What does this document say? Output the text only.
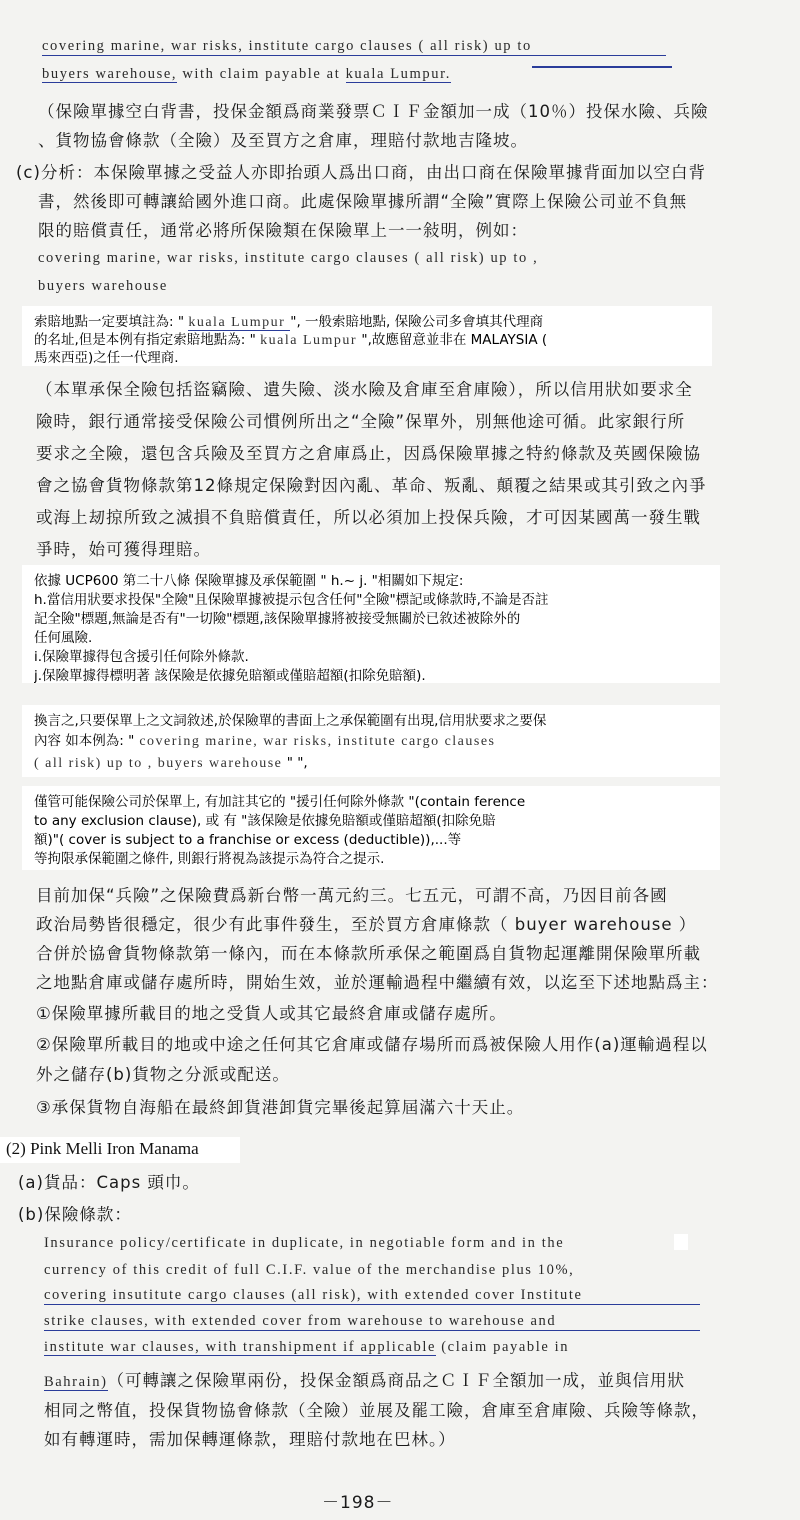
covering marine, war risks, institute cargo clauses ( all risk) up to
buyers warehouse, with claim payable at kuala Lumpur.
（保險單據空白背書，投保金額爲商業發票ＣＩＦ金額加一成（10％）投保水險、兵險
、貨物協會條款（全險）及至買方之倉庫，理賠付款地吉隆坡。
(c)分析：本保險單據之受益人亦即抬頭人爲出口商，由出口商在保險單據背面加以空白背
書，然後即可轉讓給國外進口商。此處保險單據所謂“全險”實際上保險公司並不負無
限的賠償責任，通常必將所保險類在保險單上一一敍明，例如：
covering marine, war risks, institute cargo clauses ( all risk) up to ,
buyers warehouse
索賠地點一定要填註為: " kuala Lumpur ", 一般索賠地點, 保險公司多會填其代理商
的名址,但是本例有指定索賠地點為: " kuala Lumpur ",故應留意並非在 MALAYSIA (
馬來西亞)之任一代理商.
（本單承保全險包括盜竊險、遺失險、淡水險及倉庫至倉庫險），所以信用狀如要求全
險時，銀行通常接受保險公司慣例所出之“全險”保單外，別無他途可循。此家銀行所
要求之全險，還包含兵險及至買方之倉庫爲止，因爲保險單據之特約條款及英國保險協
會之協會貨物條款第12條規定保險對因內亂、革命、叛亂、顛覆之結果或其引致之內爭
或海上刼掠所致之滅損不負賠償責任，所以必須加上投保兵險，才可因某國萬一發生戰
爭時，始可獲得理賠。
依據 UCP600 第二十八條 保險單據及承保範圍 " h.~ j. "相關如下規定:
h.當信用狀要求投保"全險"且保險單據被提示包含任何"全險"標記或條款時,不論是否註
記全險"標題,無論是否有"一切險"標題,該保險單據將被接受無關於已敘述被除外的
任何風險.
i.保險單據得包含援引任何除外條款.
j.保險單據得標明著 該保險是依據免賠額或僅賠超額(扣除免賠額).
換言之,只要保單上之文詞敘述,於保險單的書面上之承保範圍有出現,信用狀要求之要保
內容 如本例為: " covering marine, war risks, institute cargo clauses
( all risk) up to , buyers warehouse " ",
僅管可能保險公司於保單上, 有加註其它的 "援引任何除外條款 "(contain ference
to any exclusion clause), 或 有 "該保險是依據免賠額或僅賠超額(扣除免賠
額)"( cover is subject to a franchise or excess (deductible)),...等
等拘限承保範圍之條件, 則銀行將視為該提示為符合之提示.
目前加保“兵險”之保險費爲新台幣一萬元約三。七五元，可謂不高，乃因目前各國
政治局勢皆很穩定，很少有此事件發生，至於買方倉庫條款（ buyer warehouse ）
合併於協會貨物條款第一條內，而在本條款所承保之範圍爲自貨物起運離開保險單所載
之地點倉庫或儲存處所時，開始生效，並於運輸過程中繼續有效，以迄至下述地點爲主：
①保險單據所載目的地之受貨人或其它最終倉庫或儲存處所。
②保險單所載目的地或中途之任何其它倉庫或儲存場所而爲被保險人用作(a)運輸過程以
外之儲存(b)貨物之分派或配送。
③承保貨物自海船在最終卸貨港卸貨完畢後起算屆滿六十天止。
(2) Pink Melli Iron Manama
(a)貨品：Caps 頭巾。
(b)保險條款：
Insurance policy/certificate in duplicate, in negotiable form and in the
currency of this credit of full C.I.F. value of the merchandise plus 10%,
covering insutitute cargo clauses (all risk), with extended cover Institute
strike clauses, with extended cover from warehouse to warehouse and
institute war clauses, with transhipment if applicable (claim payable in
Bahrain)（可轉讓之保險單兩份，投保金額爲商品之ＣＩＦ全額加一成，並與信用狀
相同之幣值，投保貨物協會條款（全險）並展及罷工險，倉庫至倉庫險、兵險等條款，
如有轉運時，需加保轉運條款，理賠付款地在巴林。）
－198－
